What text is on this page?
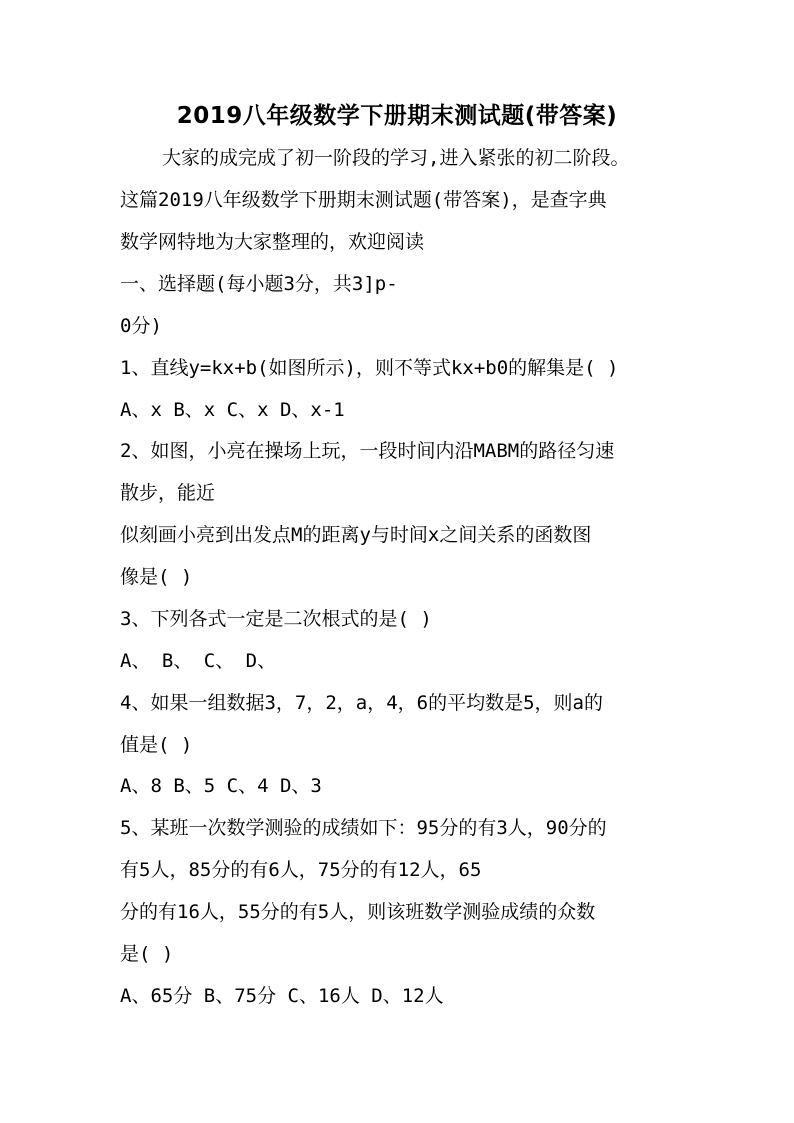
2019八年级数学下册期末测试题(带答案)

大家的成完成了初一阶段的学习,进入紧张的初二阶段。

这篇2019八年级数学下册期末测试题(带答案)，是查字典

数学网特地为大家整理的，欢迎阅读

一、选择题(每小题3分，共3]p-

0分)

1、直线y=kx+b(如图所示)，则不等式kx+b0的解集是( )

A、x B、x C、x D、x-1

2、如图，小亮在操场上玩，一段时间内沿MABM的路径匀速

散步，能近

似刻画小亮到出发点M的距离y与时间x之间关系的函数图

像是( )

3、下列各式一定是二次根式的是( )

A、 B、 C、 D、

4、如果一组数据3，7，2，a，4，6的平均数是5，则a的

值是( )

A、8 B、5 C、4 D、3

5、某班一次数学测验的成绩如下：95分的有3人，90分的

有5人，85分的有6人，75分的有12人，65

分的有16人，55分的有5人，则该班数学测验成绩的众数

是( )

A、65分 B、75分 C、16人 D、12人
